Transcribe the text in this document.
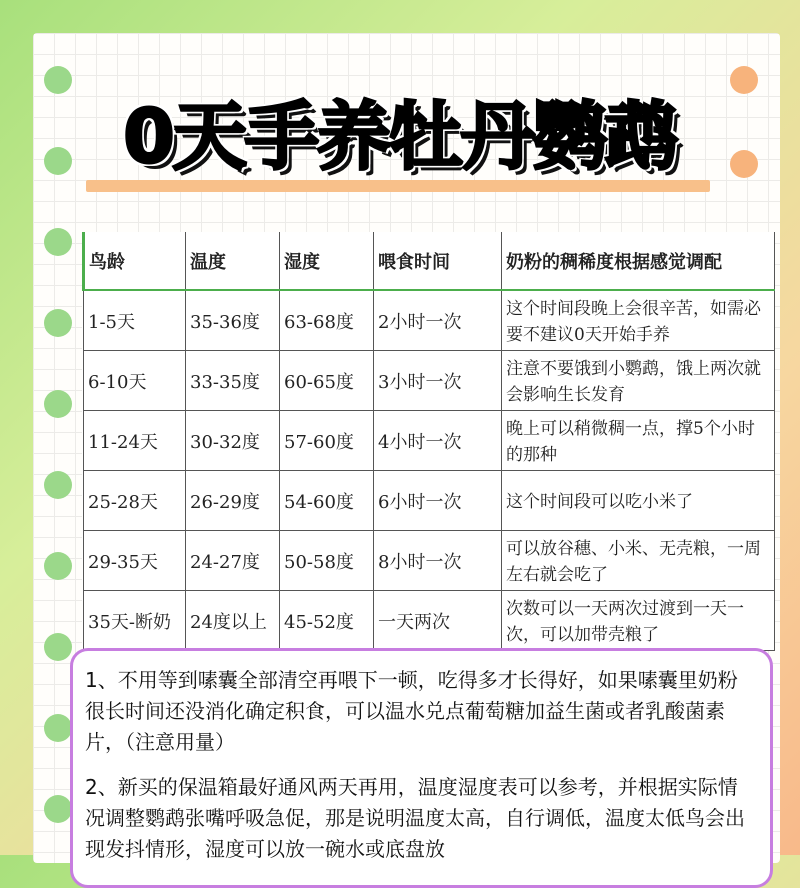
0天手养牡丹鹦鹉
鸟龄	温度	湿度	喂食时间	奶粉的稠稀度根据感觉调配
1-5天	35-36度	63-68度	2小时一次	这个时间段晚上会很辛苦，如需必要不建议0天开始手养
6-10天	33-35度	60-65度	3小时一次	注意不要饿到小鹦鹉，饿上两次就会影响生长发育
11-24天	30-32度	57-60度	4小时一次	晚上可以稍微稠一点，撑5个小时的那种
25-28天	26-29度	54-60度	6小时一次	这个时间段可以吃小米了
29-35天	24-27度	50-58度	8小时一次	可以放谷穗、小米、无壳粮，一周左右就会吃了
35天-断奶	24度以上	45-52度	一天两次	次数可以一天两次过渡到一天一次，可以加带壳粮了

1、不用等到嗉囊全部清空再喂下一顿，吃得多才长得好，如果嗉囊里奶粉很长时间还没消化确定积食，可以温水兑点葡萄糖加益生菌或者乳酸菌素片，（注意用量）

2、新买的保温箱最好通风两天再用，温度湿度表可以参考，并根据实际情况调整鹦鹉张嘴呼吸急促，那是说明温度太高，自行调低，温度太低鸟会出现发抖情形，湿度可以放一碗水或底盘放
